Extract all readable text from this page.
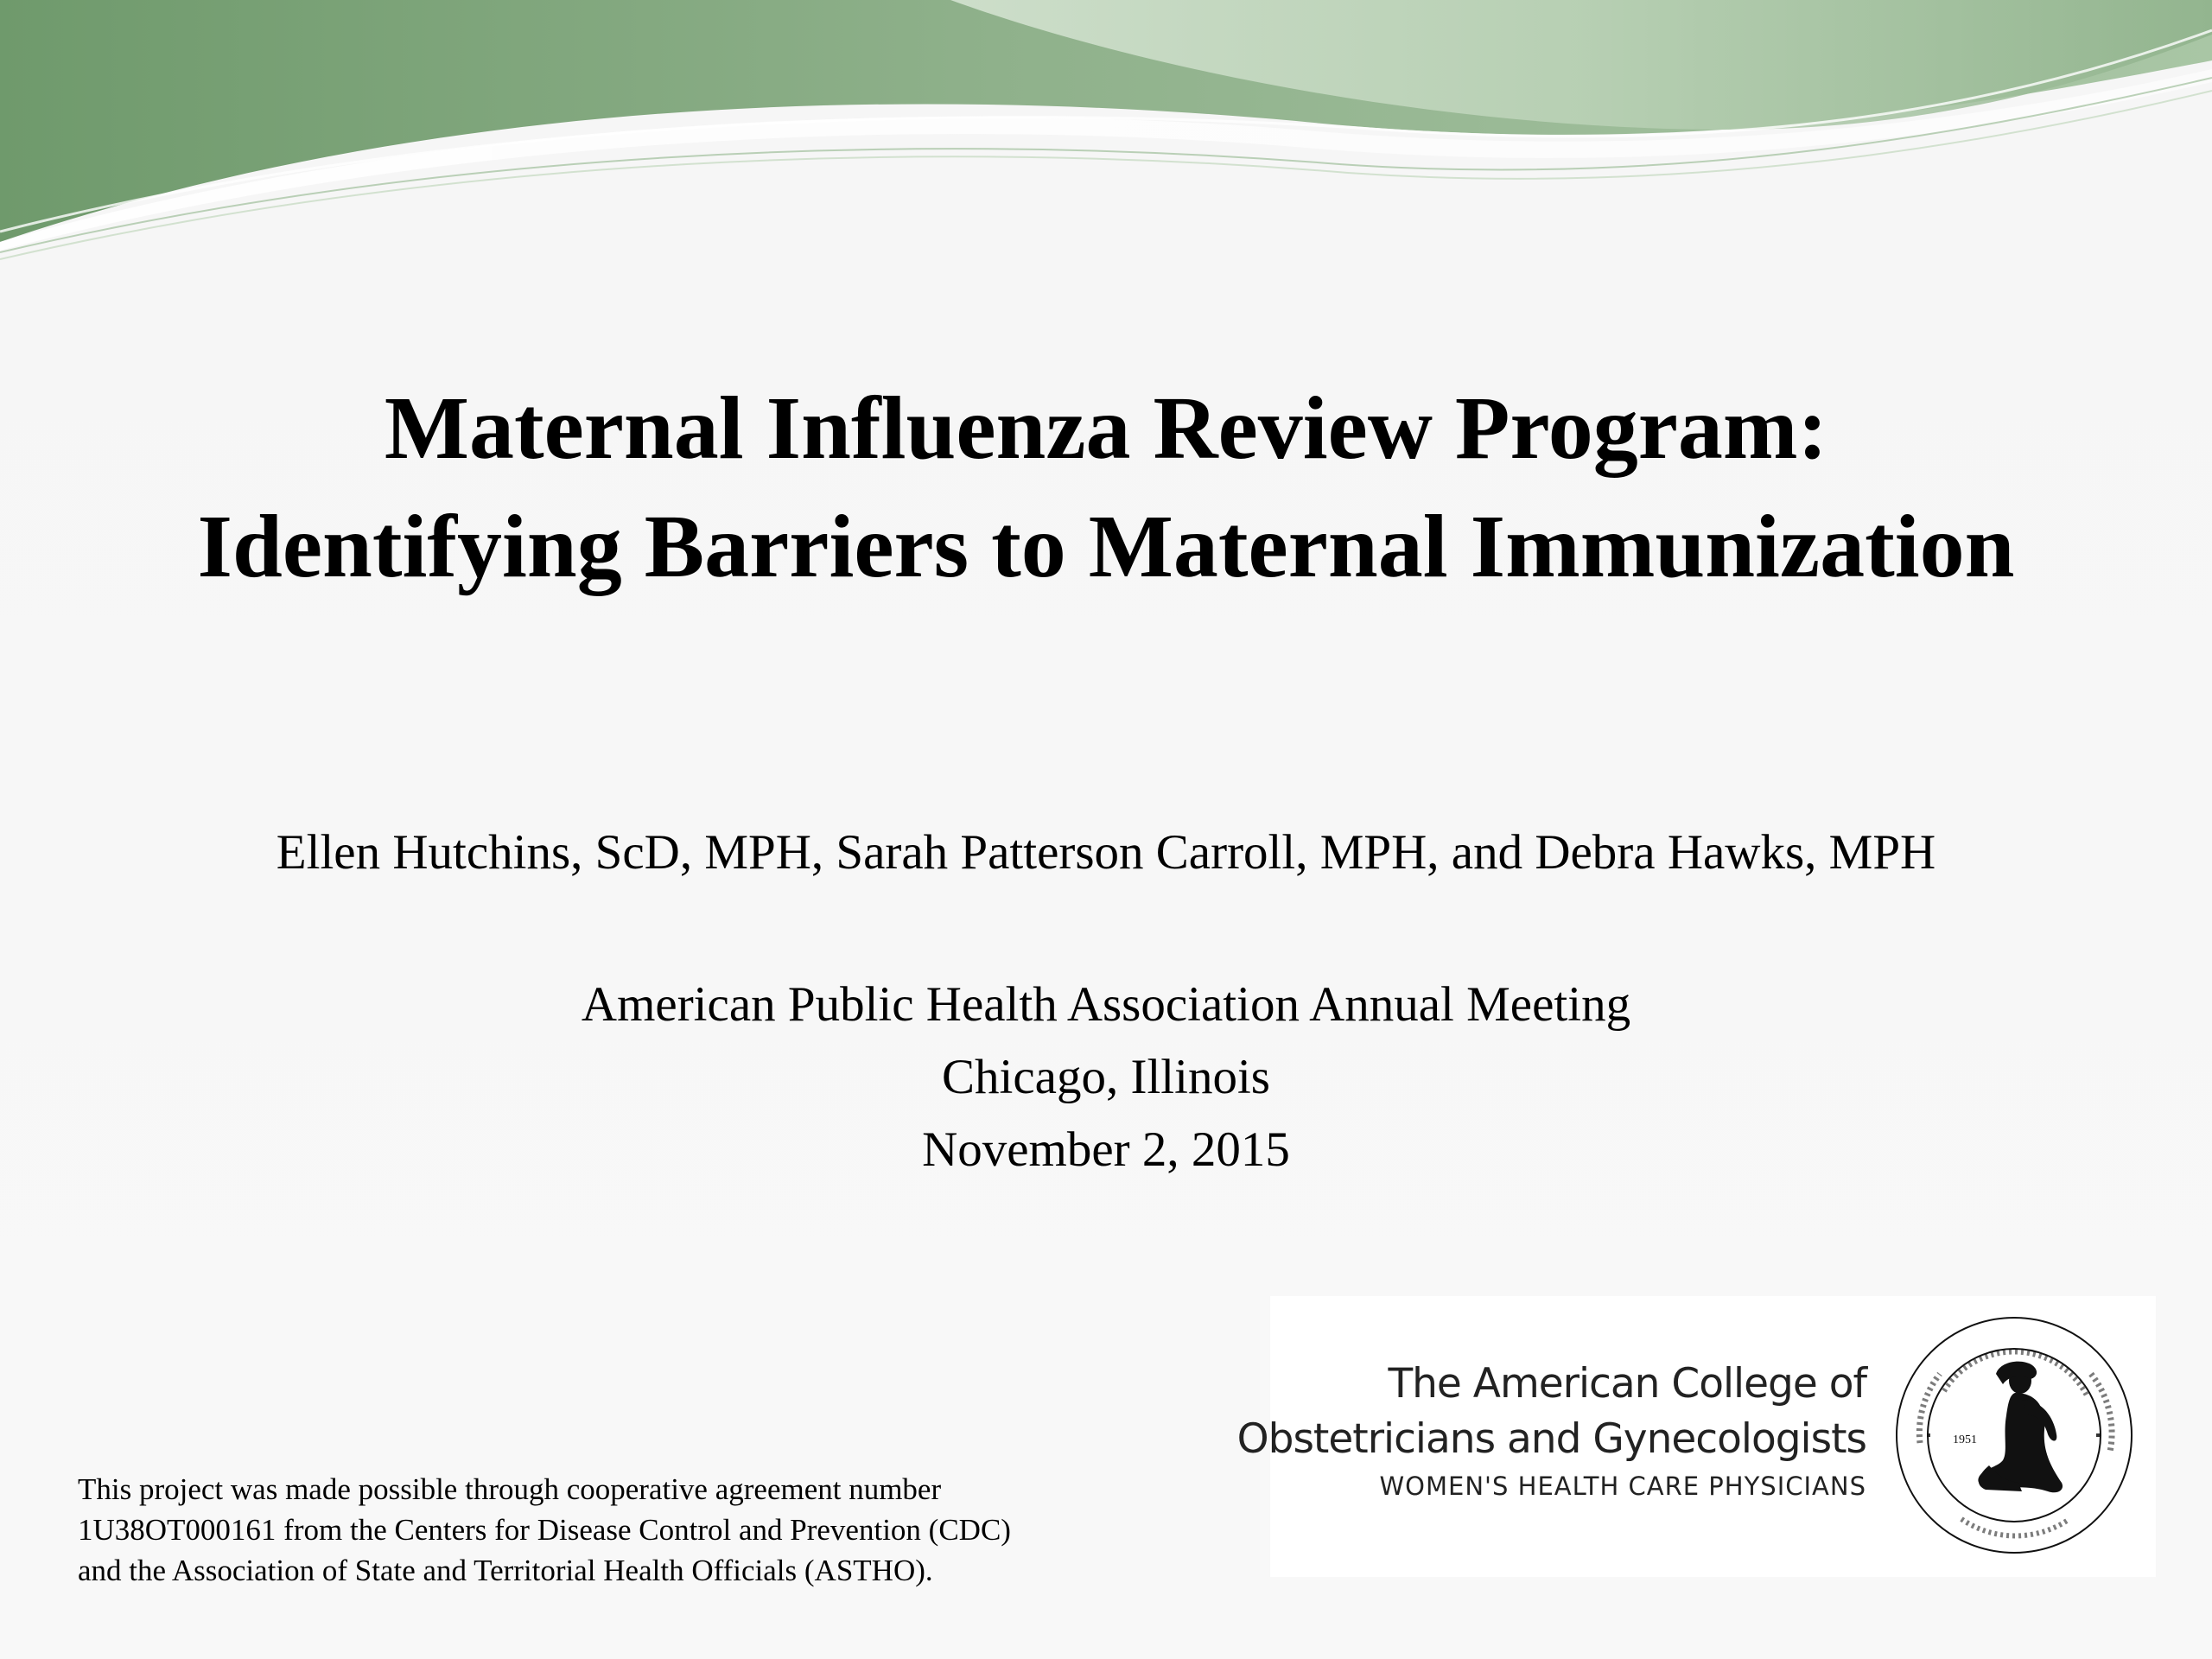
Maternal Influenza Review Program:
Identifying Barriers to Maternal Immunization
Ellen Hutchins, ScD, MPH, Sarah Patterson Carroll, MPH, and Debra Hawks, MPH
American Public Health Association Annual Meeting
Chicago, Illinois
November 2, 2015
This project was made possible through cooperative agreement number
1U38OT000161 from the Centers for Disease Control and Prevention (CDC)
and the Association of State and Territorial Health Officials (ASTHO).
The American College of
Obstetricians and Gynecologists
WOMEN'S HEALTH CARE PHYSICIANS
1951
